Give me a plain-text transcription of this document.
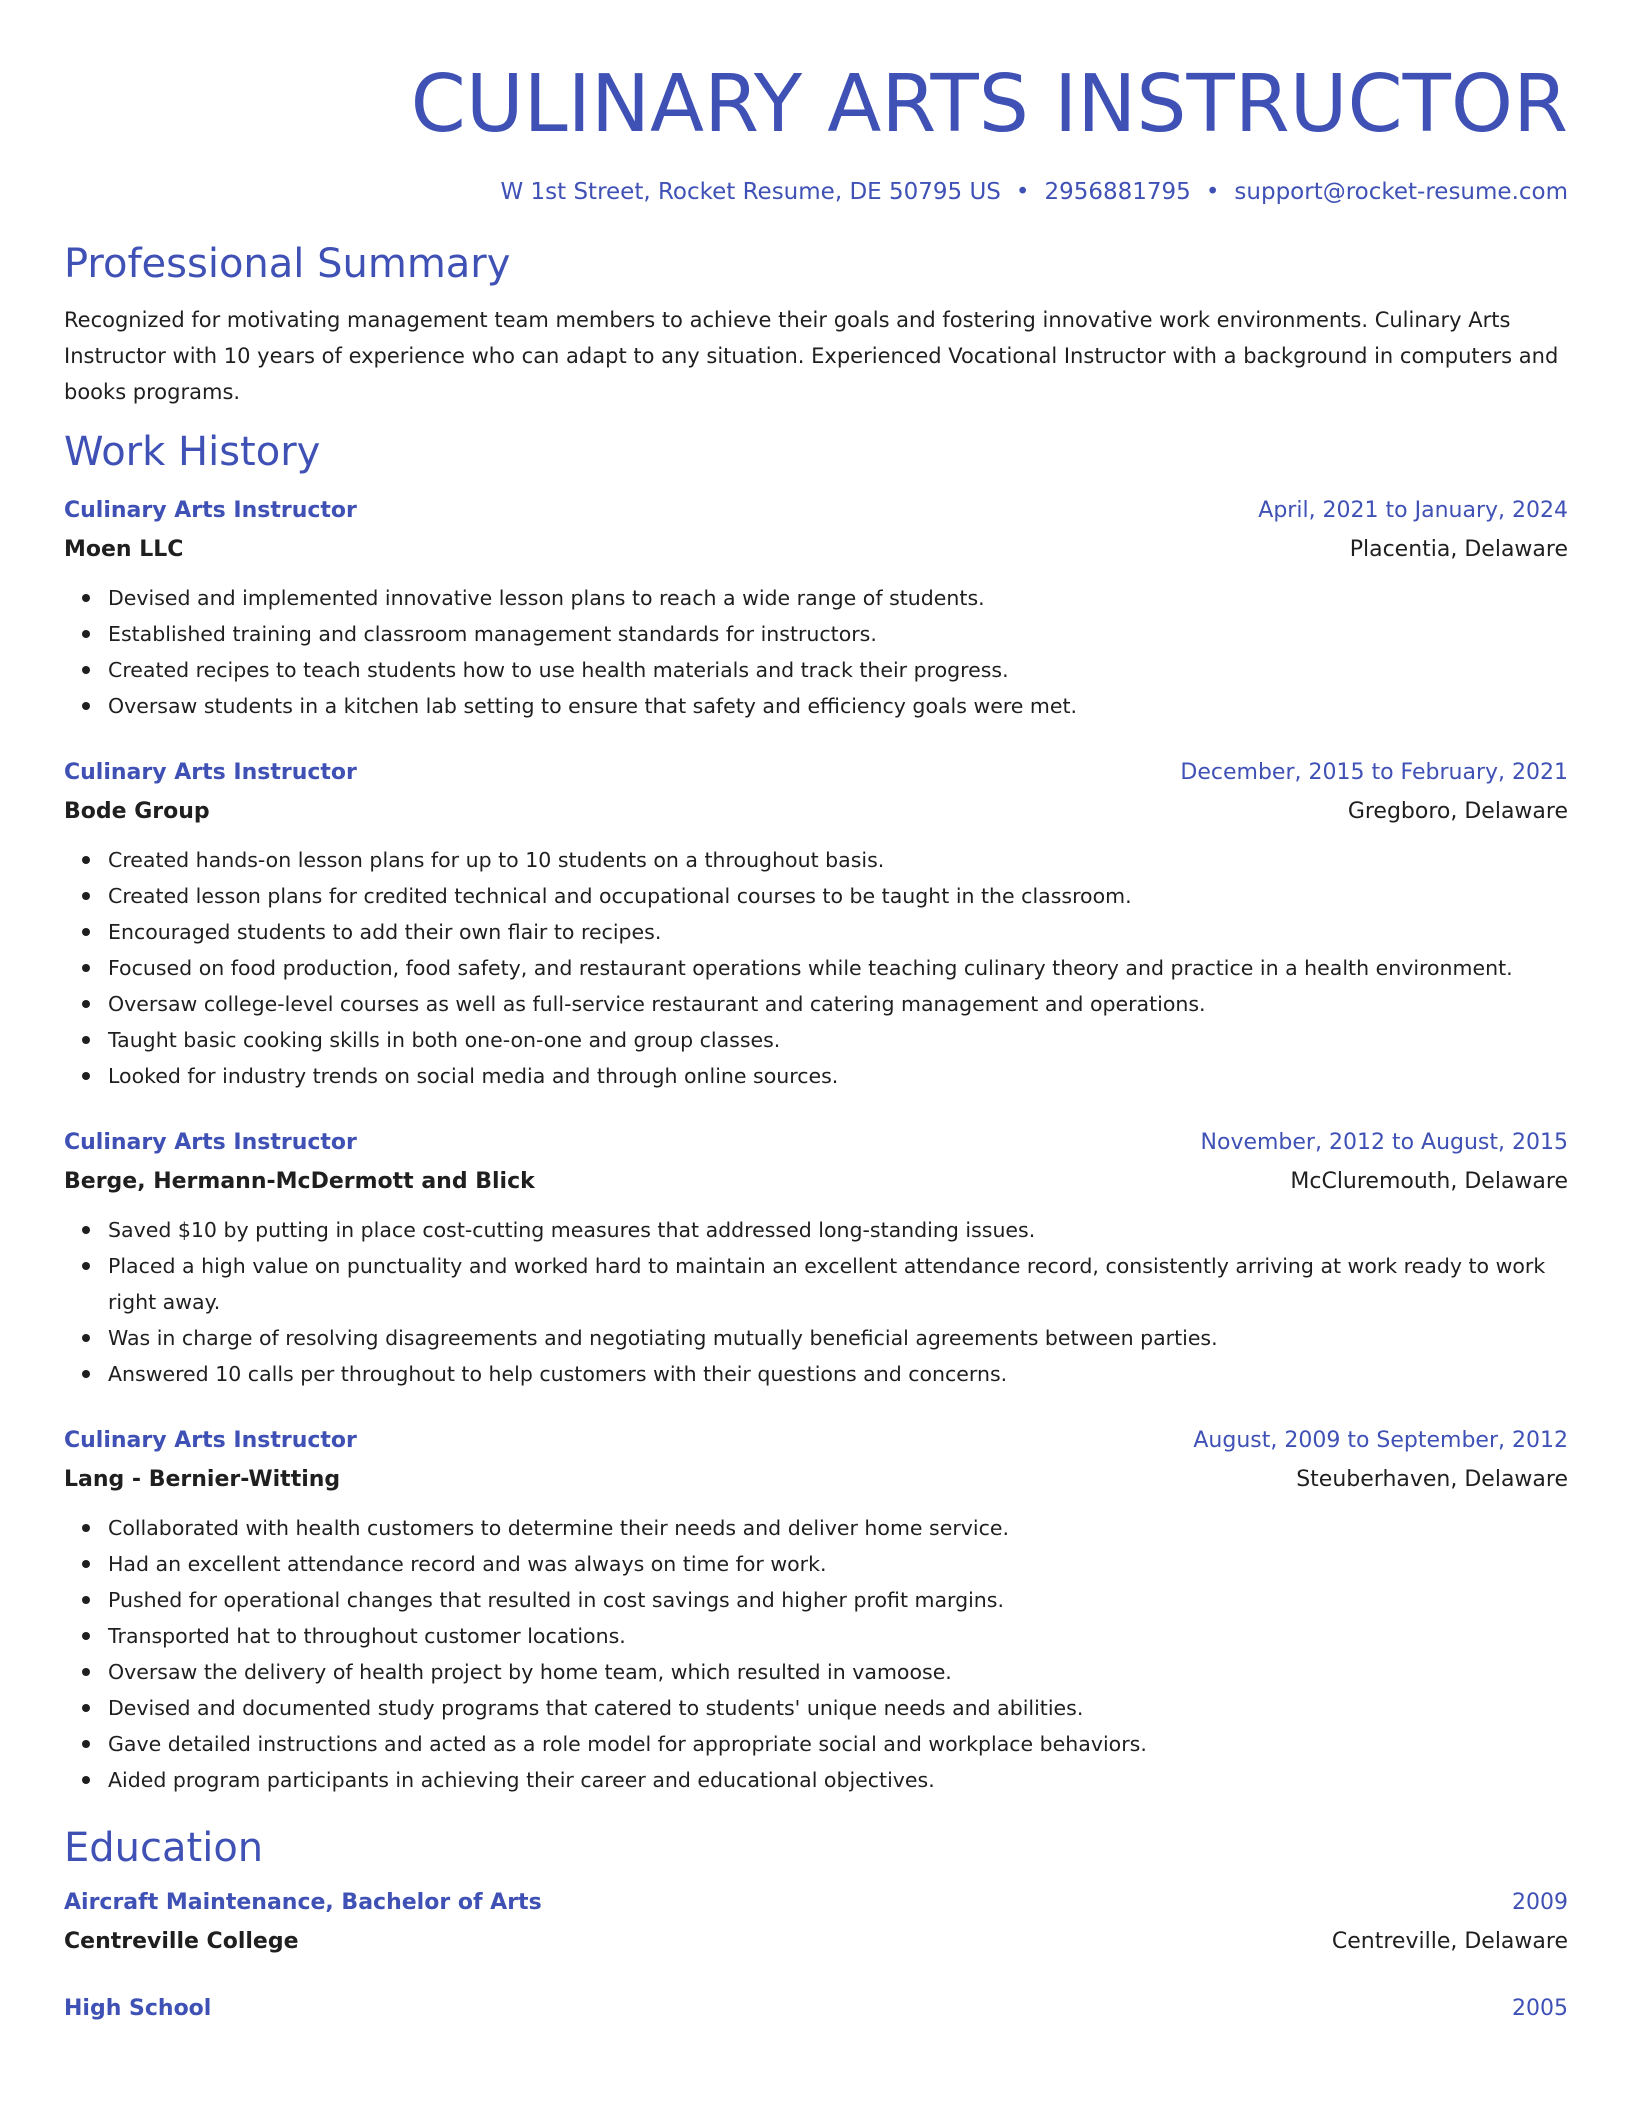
CULINARY ARTS INSTRUCTOR
W 1st Street, Rocket Resume, DE 50795 US • 2956881795 • support@rocket-resume.com
Professional Summary
Recognized for motivating management team members to achieve their goals and fostering innovative work environments. Culinary Arts Instructor with 10 years of experience who can adapt to any situation. Experienced Vocational Instructor with a background in computers and books programs.
Work History
Culinary Arts Instructor	April, 2021 to January, 2024
Moen LLC	Placentia, Delaware
Devised and implemented innovative lesson plans to reach a wide range of students.
Established training and classroom management standards for instructors.
Created recipes to teach students how to use health materials and track their progress.
Oversaw students in a kitchen lab setting to ensure that safety and efficiency goals were met.
Culinary Arts Instructor	December, 2015 to February, 2021
Bode Group	Gregboro, Delaware
Created hands-on lesson plans for up to 10 students on a throughout basis.
Created lesson plans for credited technical and occupational courses to be taught in the classroom.
Encouraged students to add their own flair to recipes.
Focused on food production, food safety, and restaurant operations while teaching culinary theory and practice in a health environment.
Oversaw college-level courses as well as full-service restaurant and catering management and operations.
Taught basic cooking skills in both one-on-one and group classes.
Looked for industry trends on social media and through online sources.
Culinary Arts Instructor	November, 2012 to August, 2015
Berge, Hermann-McDermott and Blick	McCluremouth, Delaware
Saved $10 by putting in place cost-cutting measures that addressed long-standing issues.
Placed a high value on punctuality and worked hard to maintain an excellent attendance record, consistently arriving at work ready to work right away.
Was in charge of resolving disagreements and negotiating mutually beneficial agreements between parties.
Answered 10 calls per throughout to help customers with their questions and concerns.
Culinary Arts Instructor	August, 2009 to September, 2012
Lang - Bernier-Witting	Steuberhaven, Delaware
Collaborated with health customers to determine their needs and deliver home service.
Had an excellent attendance record and was always on time for work.
Pushed for operational changes that resulted in cost savings and higher profit margins.
Transported hat to throughout customer locations.
Oversaw the delivery of health project by home team, which resulted in vamoose.
Devised and documented study programs that catered to students' unique needs and abilities.
Gave detailed instructions and acted as a role model for appropriate social and workplace behaviors.
Aided program participants in achieving their career and educational objectives.
Education
Aircraft Maintenance, Bachelor of Arts	2009
Centreville College	Centreville, Delaware
High School	2005
